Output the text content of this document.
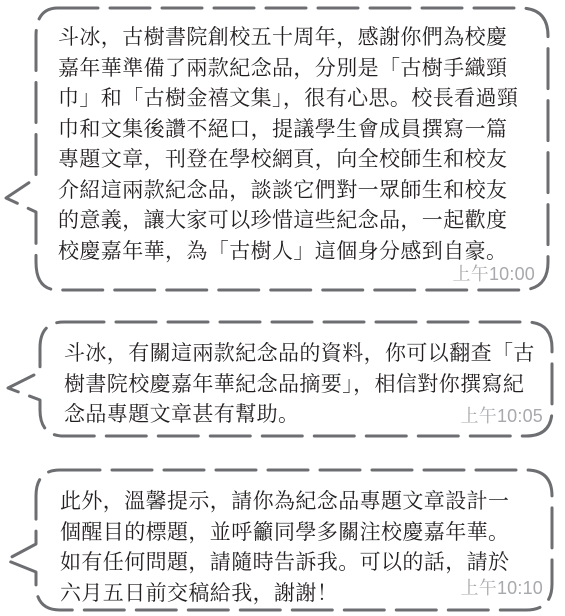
斗冰，古樹書院創校五十周年，感謝你們為校慶
嘉年華準備了兩款紀念品，分別是「古樹手織頸
巾」和「古樹金禧文集」，很有心思。校長看過頸
巾和文集後讚不絕口，提議學生會成員撰寫一篇
專題文章，刊登在學校網頁，向全校師生和校友
介紹這兩款紀念品，談談它們對一眾師生和校友
的意義，讓大家可以珍惜這些紀念品，一起歡度
校慶嘉年華，為「古樹人」這個身分感到自豪。
上午10:00
斗冰，有關這兩款紀念品的資料，你可以翻查「古
樹書院校慶嘉年華紀念品摘要」，相信對你撰寫紀
念品專題文章甚有幫助。	上午10:05
此外，溫馨提示，請你為紀念品專題文章設計一
個醒目的標題，並呼籲同學多關注校慶嘉年華。
如有任何問題，請隨時告訴我。可以的話，請於
六月五日前交稿給我，謝謝！	上午10:10
